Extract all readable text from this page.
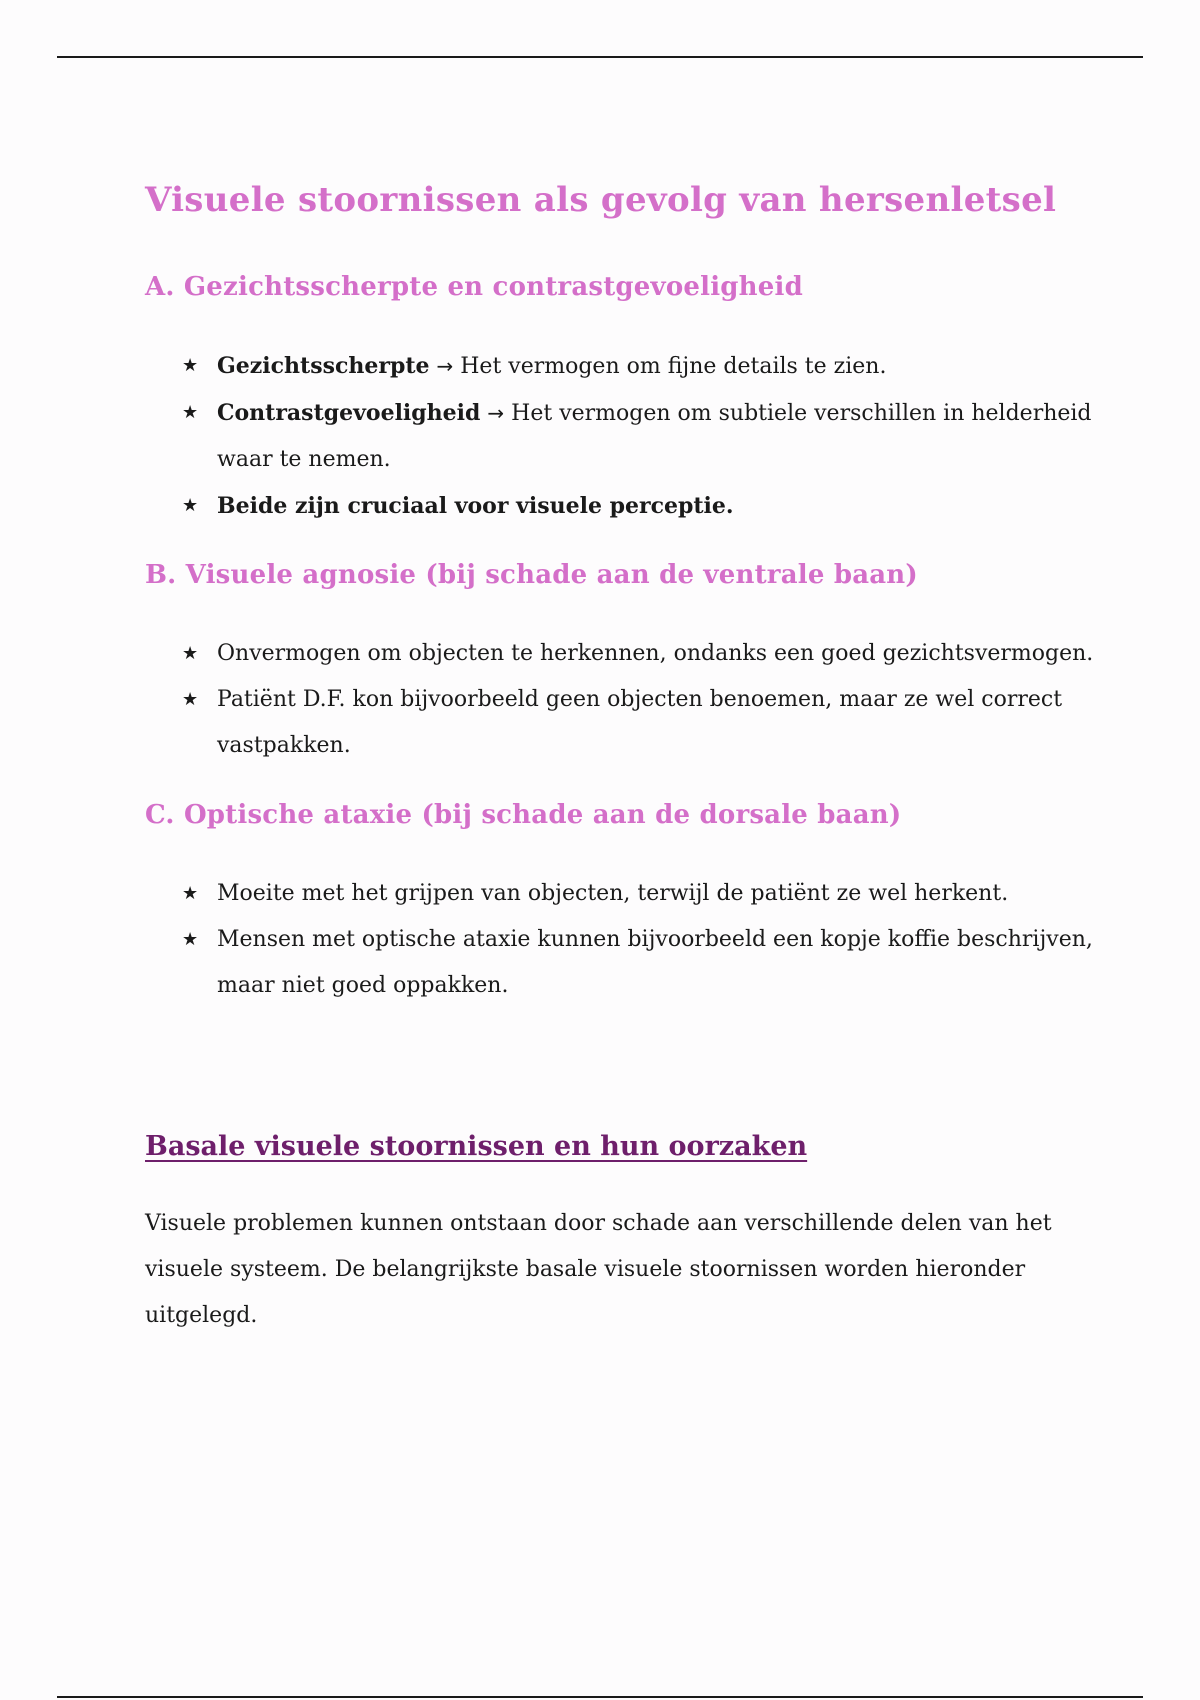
Visuele stoornissen als gevolg van hersenletsel
A. Gezichtsscherpte en contrastgevoeligheid
★ Gezichtsscherpte → Het vermogen om fijne details te zien.
★ Contrastgevoeligheid → Het vermogen om subtiele verschillen in helderheid waar te nemen.
★ Beide zijn cruciaal voor visuele perceptie.
B. Visuele agnosie (bij schade aan de ventrale baan)
★ Onvermogen om objecten te herkennen, ondanks een goed gezichtsvermogen.
★ Patiënt D.F. kon bijvoorbeeld geen objecten benoemen, maar ze wel correct vastpakken.
C. Optische ataxie (bij schade aan de dorsale baan)
★ Moeite met het grijpen van objecten, terwijl de patiënt ze wel herkent.
★ Mensen met optische ataxie kunnen bijvoorbeeld een kopje koffie beschrijven, maar niet goed oppakken.
Basale visuele stoornissen en hun oorzaken

Visuele problemen kunnen ontstaan door schade aan verschillende delen van het visuele systeem. De belangrijkste basale visuele stoornissen worden hieronder uitgelegd.
